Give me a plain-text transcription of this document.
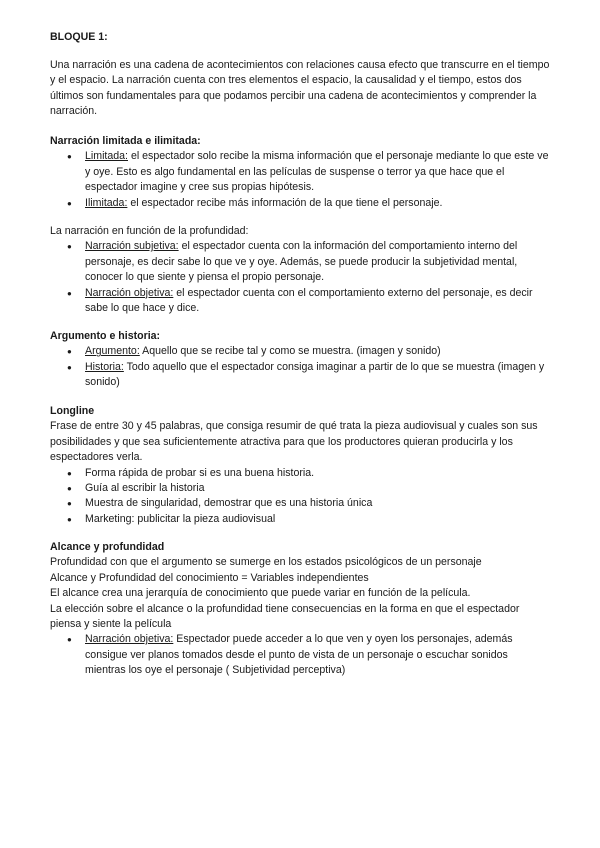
BLOQUE 1:

Una narración es una cadena de acontecimientos con relaciones causa efecto que transcurre en el tiempo y el espacio. La narración cuenta con tres elementos el espacio, la causalidad y el tiempo, estos dos últimos son fundamentales para que podamos percibir una cadena de acontecimientos y comprender la narración.

Narración limitada e ilimitada:
● Limitada: el espectador solo recibe la misma información que el personaje mediante lo que este ve y oye. Esto es algo fundamental en las películas de suspense o terror ya que hace que el espectador imagine y cree sus propias hipótesis.
● Ilimitada: el espectador recibe más información de la que tiene el personaje.
La narración en función de la profundidad:
● Narración subjetiva: el espectador cuenta con la información del comportamiento interno del personaje, es decir sabe lo que ve y oye. Además, se puede producir la subjetividad mental, conocer lo que siente y piensa el propio personaje.
● Narración objetiva: el espectador cuenta con el comportamiento externo del personaje, es decir sabe lo que hace y dice.
Argumento e historia:
● Argumento: Aquello que se recibe tal y como se muestra. (imagen y sonido)
● Historia: Todo aquello que el espectador consiga imaginar a partir de lo que se muestra (imagen y sonido)
Longline

Frase de entre 30 y 45 palabras, que consiga resumir de qué trata la pieza audiovisual y cuales son sus posibilidades y que sea suficientemente atractiva para que los productores quieran producirla y los espectadores verla.

● Forma rápida de probar si es una buena historia.
● Guía al escribir la historia
● Muestra de singularidad, demostrar que es una historia única
● Marketing: publicitar la pieza audiovisual
Alcance y profundidad
Profundidad con que el argumento se sumerge en los estados psicológicos de un personaje
Alcance y Profundidad del conocimiento = Variables independientes
El alcance crea una jerarquía de conocimiento que puede variar en función de la película.
La elección sobre el alcance o la profundidad tiene consecuencias en la forma en que el espectador piensa y siente la película
● Narración objetiva: Espectador puede acceder a lo que ven y oyen los personajes, además consigue ver planos tomados desde el punto de vista de un personaje o escuchar sonidos mientras los oye el personaje ( Subjetividad perceptiva)
